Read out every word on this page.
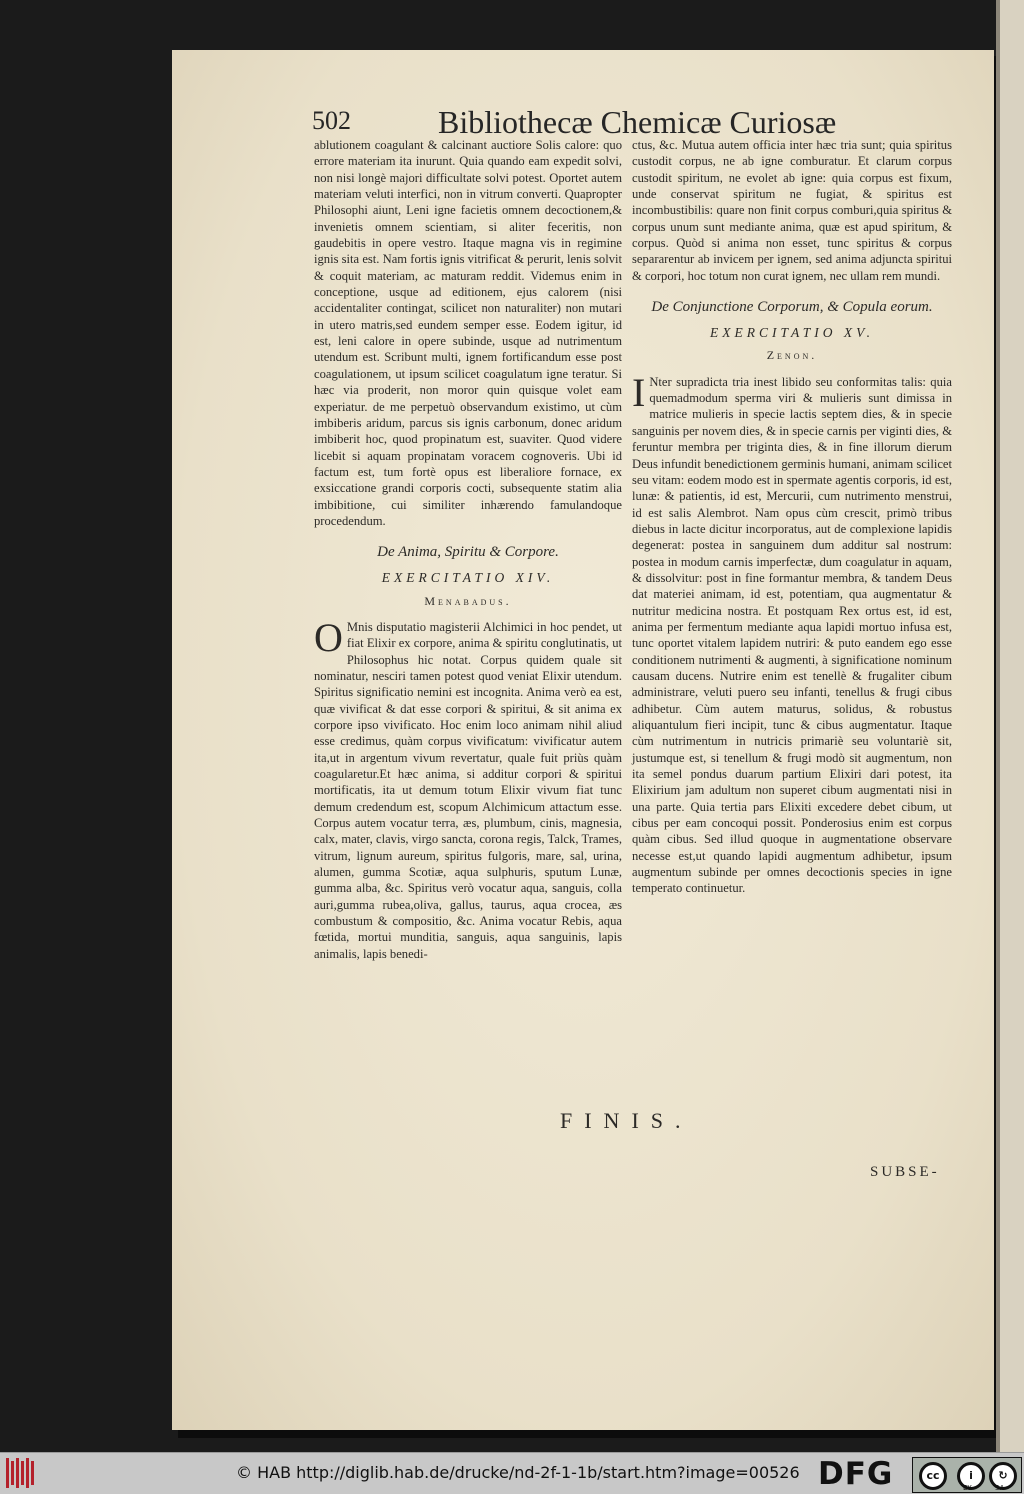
502	Bibliothecæ Chemicæ Curiosæ

ablutionem coagulant & calcinant auctiore Solis calore: quo errore materiam ita inurunt. Quia quando eam expedit solvi, non nisi longè majori difficultate solvi potest. Oportet autem materiam veluti interfici, non in vitrum converti. Quapropter Philosophi aiunt, Leni igne facietis omnem decoctionem,& invenietis omnem scientiam, si aliter feceritis, non gaudebitis in opere vestro. Itaque magna vis in regimine ignis sita est. Nam fortis ignis vitrificat & perurit, lenis solvit & coquit materiam, ac maturam reddit. Videmus enim in conceptione, usque ad editionem, ejus calorem (nisi accidentaliter contingat, scilicet non naturaliter) non mutari in utero matris,sed eundem semper esse. Eodem igitur, id est, leni calore in opere subinde, usque ad nutrimentum utendum est. Scribunt multi, ignem fortificandum esse post coagulationem, ut ipsum scilicet coagulatum igne teratur. Si hæc via proderit, non moror quin quisque volet eam experiatur. de me perpetuò observandum existimo, ut cùm imbiberis aridum, parcus sis ignis carbonum, donec aridum imbiberit hoc, quod propinatum est, suaviter. Quod videre licebit si aquam propinatam voracem cognoveris. Ubi id factum est, tum fortè opus est liberaliore fornace, ex exsiccatione grandi corporis cocti, subsequente statim alia imbibitione, cui similiter inhærendo famulandoque procedendum.

De Anima, Spiritu & Corpore.
EXERCITATIO XIV.
Menabadus.

O Mnis disputatio magisterii Alchimici in hoc pendet, ut fiat Elixir ex corpore, anima & spiritu conglutinatis, ut Philosophus hic notat. Corpus quidem quale sit nominatur, nesciri tamen potest quod veniat Elixir utendum. Spiritus significatio nemini est incognita. Anima verò ea est, quæ vivificat & dat esse corpori & spiritui, & sit anima ex corpore ipso vivificato. Hoc enim loco animam nihil aliud esse credimus, quàm corpus vivificatum: vivificatur autem ita,ut in argentum vivum revertatur, quale fuit priùs quàm coagularetur.Et hæc anima, si additur corpori & spiritui mortificatis, ita ut demum totum Elixir vivum fiat tunc demum credendum est, scopum Alchimicum attactum esse. Corpus autem vocatur terra, æs, plumbum, cinis, magnesia, calx, mater, clavis, virgo sancta, corona regis, Talck, Trames, vitrum, lignum aureum, spiritus fulgoris, mare, sal, urina, alumen, gumma Scotiæ, aqua sulphuris, sputum Lunæ, gumma alba, &c. Spiritus verò vocatur aqua, sanguis, colla auri,gumma rubea,oliva, gallus, taurus, aqua crocea, æs combustum & compositio, &c. Anima vocatur Rebis, aqua fœtida, mortui munditia, sanguis, aqua sanguinis, lapis animalis, lapis benedi-

ctus, &c. Mutua autem officia inter hæc tria sunt; quia spiritus custodit corpus, ne ab igne comburatur. Et clarum corpus custodit spiritum, ne evolet ab igne: quia corpus est fixum, unde conservat spiritum ne fugiat, & spiritus est incombustibilis: quare non finit corpus comburi,quia spiritus & corpus unum sunt mediante anima, quæ est apud spiritum, & corpus. Quòd si anima non esset, tunc spiritus & corpus separarentur ab invicem per ignem, sed anima adjuncta spiritui & corpori, hoc totum non curat ignem, nec ullam rem mundi.

De Conjunctione Corporum, & Copula eorum.
EXERCITATIO XV.
Zenon.

I Nter supradicta tria inest libido seu conformitas talis: quia quemadmodum sperma viri & mulieris sunt dimissa in matrice mulieris in specie lactis septem dies, & in specie sanguinis per novem dies, & in specie carnis per viginti dies, & feruntur membra per triginta dies, & in fine illorum dierum Deus infundit benedictionem germinis humani, animam scilicet seu vitam: eodem modo est in spermate agentis corporis, id est, lunæ: & patientis, id est, Mercurii, cum nutrimento menstrui, id est salis Alembrot. Nam opus cùm crescit, primò tribus diebus in lacte dicitur incorporatus, aut de complexione lapidis degenerat: postea in sanguinem dum additur sal nostrum: postea in modum carnis imperfectæ, dum coagulatur in aquam, & dissolvitur: post in fine formantur membra, & tandem Deus dat materiei animam, id est, potentiam, qua augmentatur & nutritur medicina nostra. Et postquam Rex ortus est, id est, anima per fermentum mediante aqua lapidi mortuo infusa est, tunc oportet vitalem lapidem nutriri: & puto eandem ego esse conditionem nutrimenti & augmenti, à significatione nominum causam ducens. Nutrire enim est tenellè & frugaliter cibum administrare, veluti puero seu infanti, tenellus & frugi cibus adhibetur. Cùm autem maturus, solidus, & robustus aliquantulum fieri incipit, tunc & cibus augmentatur. Itaque cùm nutrimentum in nutricis primariè seu voluntariè sit, justumque est, si tenellum & frugi modò sit augmentum, non ita semel pondus duarum partium Elixiri dari potest, ita Elixirium jam adultum non superet cibum augmentati nisi in una parte. Quia tertia pars Elixiti excedere debet cibum, ut cibus per eam concoqui possit. Ponderosius enim est corpus quàm cibus. Sed illud quoque in augmentatione observare necesse est,ut quando lapidi augmentum adhibetur, ipsum augmentum subinde per omnes decoctionis species in igne temperato continuetur.

FINIS.
SUBSE-
© HAB http://diglib.hab.de/drucke/nd-2f-1-1b/start.htm?image=00526 DFG	cc	i	↻
BY	SA
